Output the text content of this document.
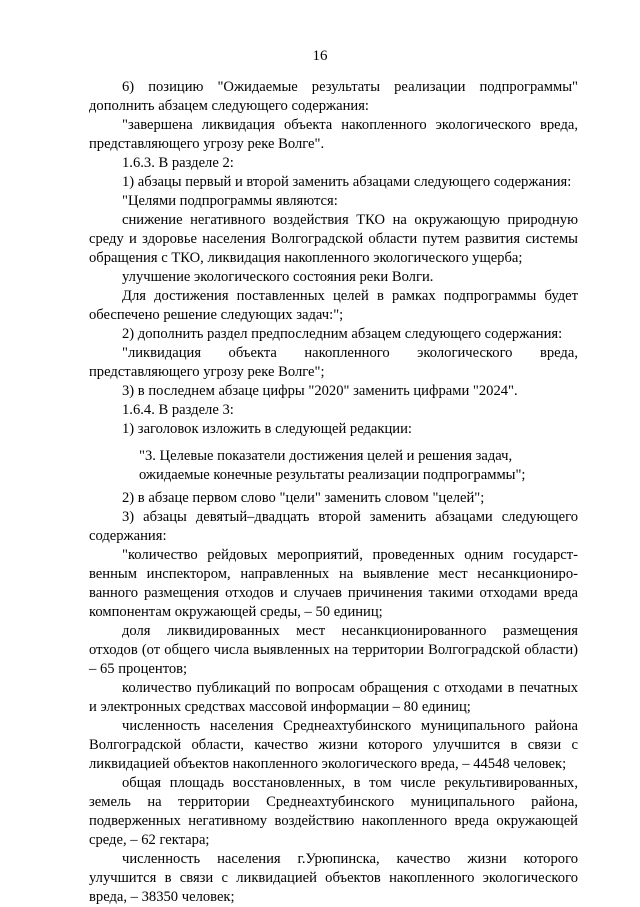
16

6) позицию "Ожидаемые результаты реализации подпрограммы" дополнить абзацем следующего содержания:

"завершена ликвидация объекта накопленного экологического вреда, представляющего угрозу реке Волге".

1.6.3. В разделе 2:

1) абзацы первый и второй заменить абзацами следующего содержания:

"Целями подпрограммы являются:

снижение негативного воздействия ТКО на окружающую природную среду и здоровье населения Волгоградской области путем развития системы обращения с ТКО, ликвидация накопленного экологического ущерба;

улучшение экологического состояния реки Волги.

Для достижения поставленных целей в рамках подпрограммы будет обеспечено решение следующих задач:";

2) дополнить раздел предпоследним абзацем следующего содержания:

"ликвидация объекта накопленного экологического вреда, представляющего угрозу реке Волге";

3) в последнем абзаце цифры "2020" заменить цифрами "2024".

1.6.4. В разделе 3:

1) заголовок изложить в следующей редакции:

"3. Целевые показатели достижения целей и решения задач,
ожидаемые конечные результаты реализации подпрограммы";

2) в абзаце первом слово "цели" заменить словом "целей";

3) абзацы девятый–двадцать второй заменить абзацами следующего содержания:

"количество рейдовых мероприятий, проведенных одним государственным инспектором, направленных на выявление мест несанкционированного размещения отходов и случаев причинения такими отходами вреда компонентам окружающей среды, – 50 единиц;

доля ликвидированных мест несанкционированного размещения отходов (от общего числа выявленных на территории Волгоградской области) – 65 процентов;

количество публикаций по вопросам обращения с отходами в печатных и электронных средствах массовой информации – 80 единиц;

численность населения Среднеахтубинского муниципального района Волгоградской области, качество жизни которого улучшится в связи с ликвидацией объектов накопленного экологического вреда, – 44548 человек;

общая площадь восстановленных, в том числе рекультивированных, земель на территории Среднеахтубинского муниципального района, подверженных негативному воздействию накопленного вреда окружающей среде, – 62 гектара;

численность населения г.Урюпинска, качество жизни которого улучшится в связи с ликвидацией объектов накопленного экологического вреда, – 38350 человек;
